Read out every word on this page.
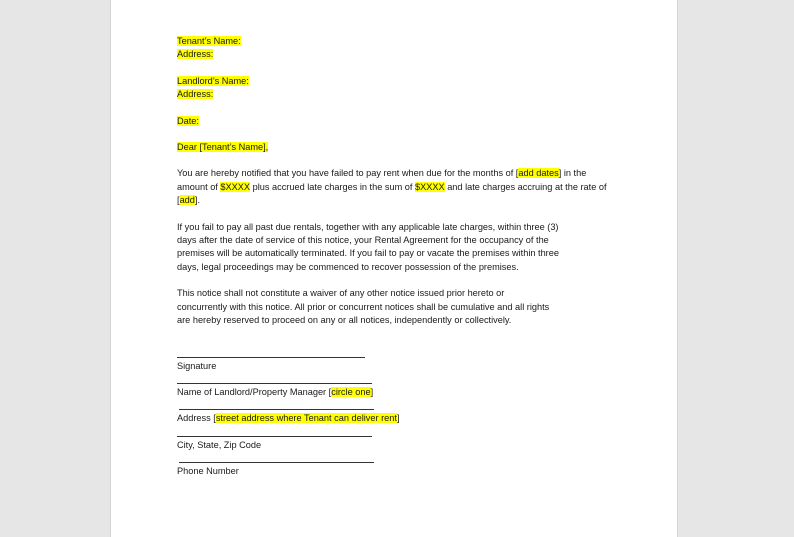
Tenant’s Name:
Address:
Landlord’s Name:
Address:
Date:
Dear [Tenant’s Name],
You are hereby notified that you have failed to pay rent when due for the months of [add dates] in the
amount of $XXXX plus accrued late charges in the sum of $XXXX and late charges accruing at the rate of
[add].
If you fail to pay all past due rentals, together with any applicable late charges, within three (3)
days after the date of service of this notice, your Rental Agreement for the occupancy of the
premises will be automatically terminated. If you fail to pay or vacate the premises within three
days, legal proceedings may be commenced to recover possession of the premises.
This notice shall not constitute a waiver of any other notice issued prior hereto or
concurrently with this notice. All prior or concurrent notices shall be cumulative and all rights
are hereby reserved to proceed on any or all notices, independently or collectively.
Signature
Name of Landlord/Property Manager [circle one]
Address [street address where Tenant can deliver rent]
City, State, Zip Code
Phone Number
